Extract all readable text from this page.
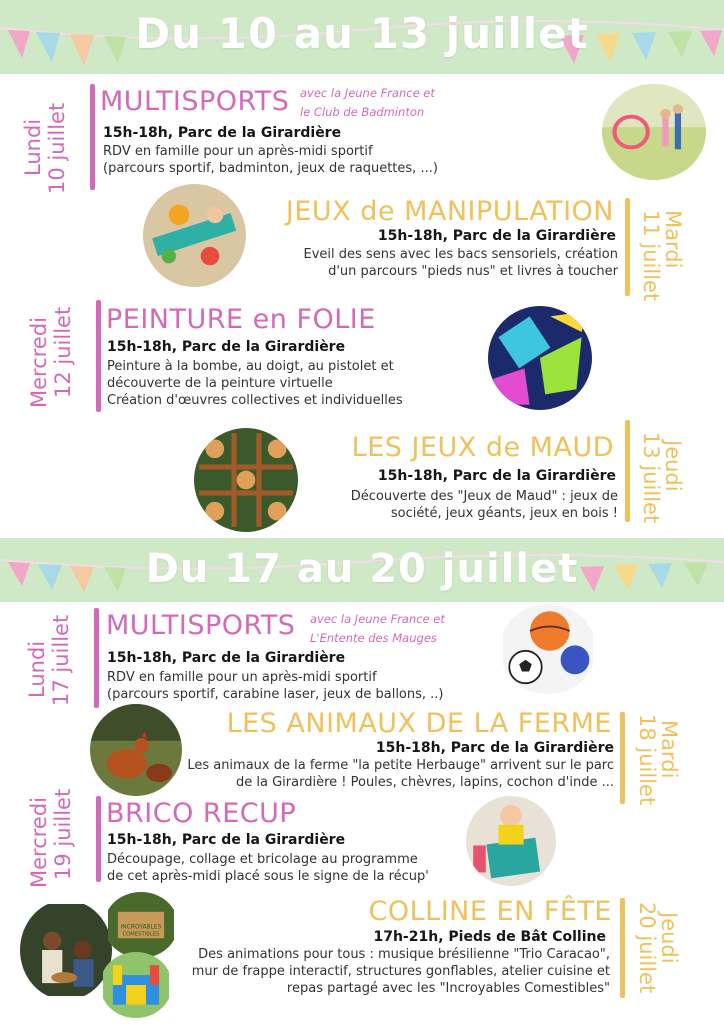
Du 10 au 13 juillet
Lundi 10 juillet
MULTISPORTS avec la Jeune France et
le Club de Badminton
15h-18h, Parc de la Girardière
RDV en famille pour un après-midi sportif
(parcours sportif, badminton, jeux de raquettes, ...)
JEUX de MANIPULATION
15h-18h, Parc de la Girardière
Eveil des sens avec les bacs sensoriels, création
d'un parcours "pieds nus" et livres à toucher
Mardi
11 juillet
Mercredi 12 juillet PEINTURE en FOLIE
15h-18h, Parc de la Girardière
Peinture à la bombe, au doigt, au pistolet et
découverte de la peinture virtuelle
Création d'œuvres collectives et individuelles
LES JEUX de MAUD
15h-18h, Parc de la Girardière
Découverte des "Jeux de Maud" : jeux de
société, jeux géants, jeux en bois !
Jeudi
13 juillet
Du 17 au 20 juillet
Lundi 17 juillet MULTISPORTS avec la Jeune France et
L'Entente des Mauges
15h-18h, Parc de la Girardière
RDV en famille pour un après-midi sportif
(parcours sportif, carabine laser, jeux de ballons, ..)
LES ANIMAUX DE LA FERME
15h-18h, Parc de la Girardière
Les animaux de la ferme "la petite Herbauge" arrivent sur le parc
de la Girardière ! Poules, chèvres, lapins, cochon d'inde ...
Mardi
18 juillet
Mercredi 19 juillet BRICO RECUP
15h-18h, Parc de la Girardière
Découpage, collage et bricolage au programme
de cet après-midi placé sous le signe de la récup'
INCROYABLES
COMESTIBLES
COLLINE EN FÊTE
17h-21h, Pieds de Bât Colline
Des animations pour tous : musique brésilienne "Trio Caracao",
mur de frappe interactif, structures gonflables, atelier cuisine et
repas partagé avec les "Incroyables Comestibles"
Jeudi
20 juillet
